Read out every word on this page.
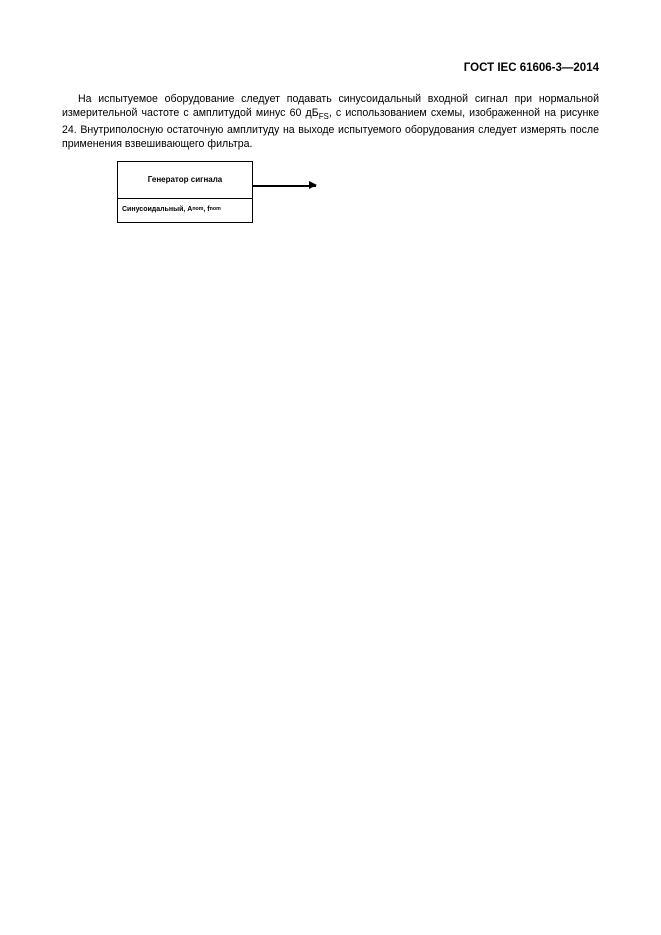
ГОСТ IEC 61606-3—2014

На испытуемое оборудование следует подавать синусоидальный входной сигнал при нормальной измерительной частоте с амплитудой минус 60 $дБ_{FS}$, с использованием схемы, изображенной на рисунке 24. Внутриполосную остаточную амплитуду на выходе испытуемого оборудования следует измерять после применения взвешивающего фильтра.

Генератор сигнала
Синусоидальный, А nom , f nom
